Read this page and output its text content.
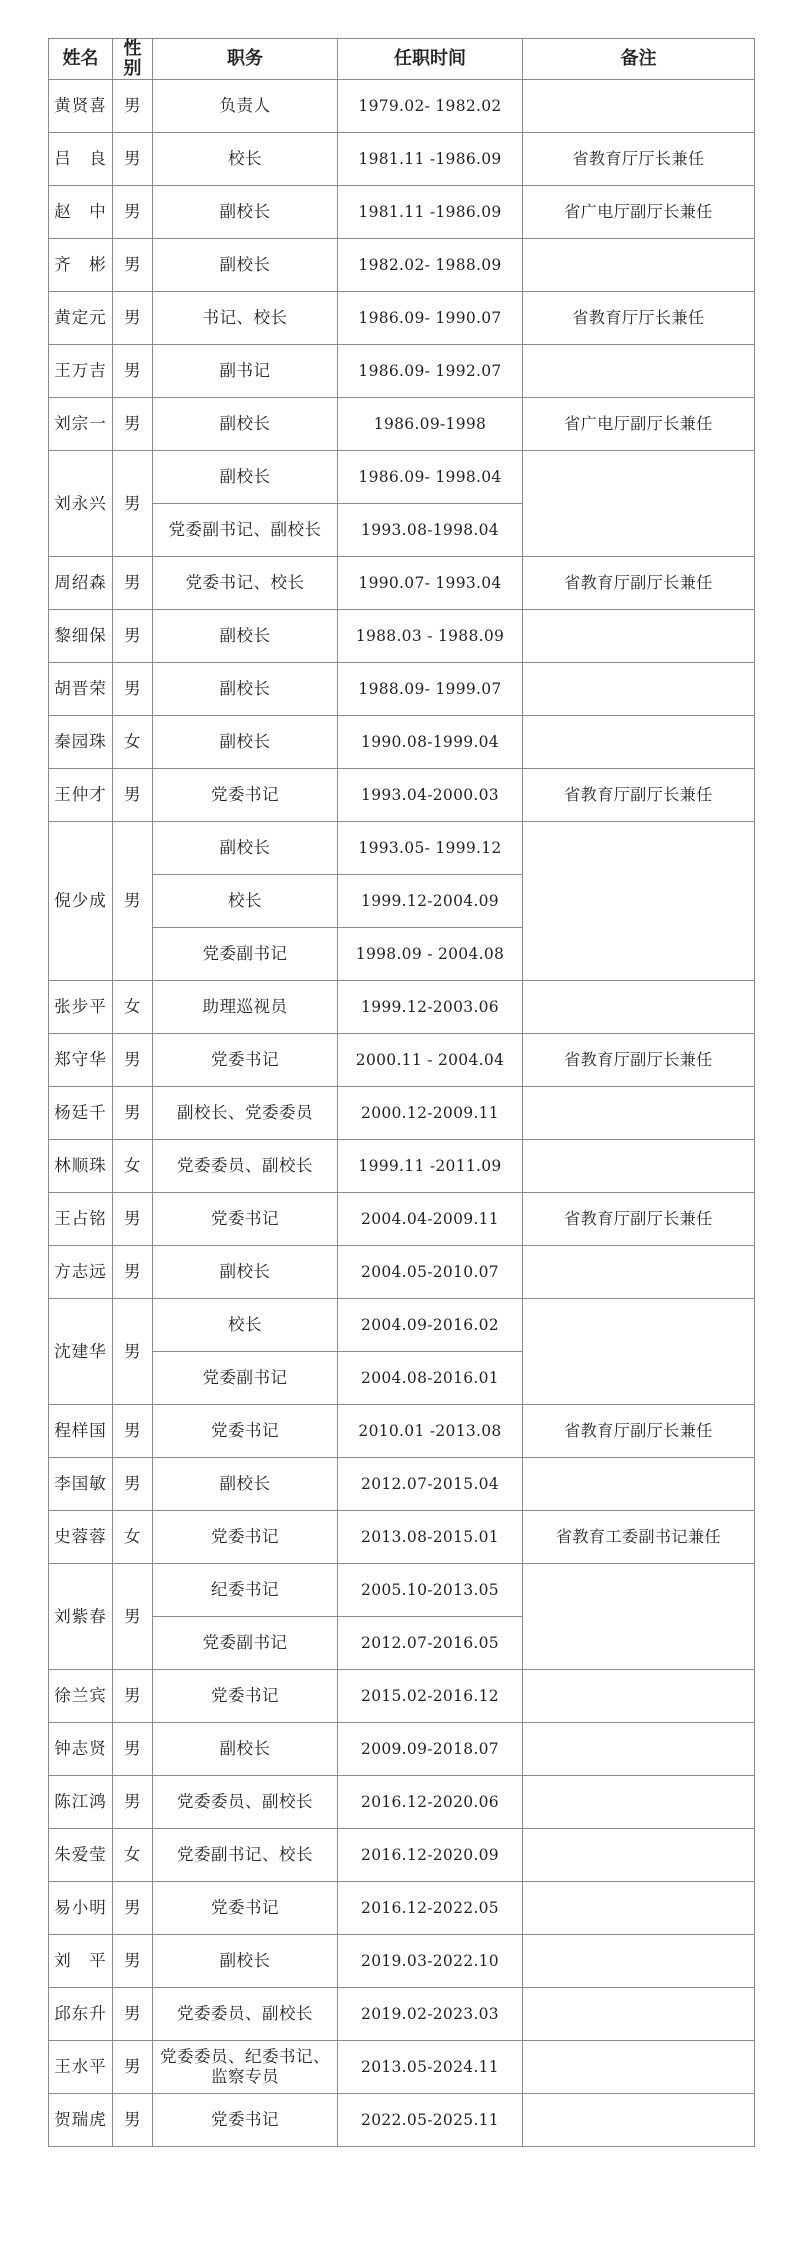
姓名	性别	职务	任职时间	备注
黄贤喜	男	负责人	1979.02- 1982.02	
吕　良	男	校长	1981.11 -1986.09	省教育厅厅长兼任
赵　中	男	副校长	1981.11 -1986.09	省广电厅副厅长兼任
齐　彬	男	副校长	1982.02- 1988.09	
黄定元	男	书记、校长	1986.09- 1990.07	省教育厅厅长兼任
王万吉	男	副书记	1986.09- 1992.07	
刘宗一	男	副校长	1986.09-1998	省广电厅副厅长兼任
刘永兴	男	副校长	1986.09- 1998.04	
		党委副书记、副校长	1993.08-1998.04	
周绍森	男	党委书记、校长	1990.07- 1993.04	省教育厅副厅长兼任
黎细保	男	副校长	1988.03 - 1988.09	
胡晋荣	男	副校长	1988.09- 1999.07	
秦园珠	女	副校长	1990.08-1999.04	
王仲才	男	党委书记	1993.04-2000.03	省教育厅副厅长兼任
倪少成	男	副校长	1993.05- 1999.12	
		校长	1999.12-2004.09	
		党委副书记	1998.09 - 2004.08	
张步平	女	助理巡视员	1999.12-2003.06	
郑守华	男	党委书记	2000.11 - 2004.04	省教育厅副厅长兼任
杨廷千	男	副校长、党委委员	2000.12-2009.11	
林顺珠	女	党委委员、副校长	1999.11 -2011.09	
王占铭	男	党委书记	2004.04-2009.11	省教育厅副厅长兼任
方志远	男	副校长	2004.05-2010.07	
沈建华	男	校长	2004.09-2016.02	
		党委副书记	2004.08-2016.01	
程样国	男	党委书记	2010.01 -2013.08	省教育厅副厅长兼任
李国敏	男	副校长	2012.07-2015.04	
史蓉蓉	女	党委书记	2013.08-2015.01	省教育工委副书记兼任
刘紫春	男	纪委书记	2005.10-2013.05	
		党委副书记	2012.07-2016.05	
徐兰宾	男	党委书记	2015.02-2016.12	
钟志贤	男	副校长	2009.09-2018.07	
陈江鸿	男	党委委员、副校长	2016.12-2020.06	
朱爱莹	女	党委副书记、校长	2016.12-2020.09	
易小明	男	党委书记	2016.12-2022.05	
刘　平	男	副校长	2019.03-2022.10	
邱东升	男	党委委员、副校长	2019.02-2023.03	
王水平	男	党委委员、纪委书记、监察专员	2013.05-2024.11	
贺瑞虎	男	党委书记	2022.05-2025.11	
